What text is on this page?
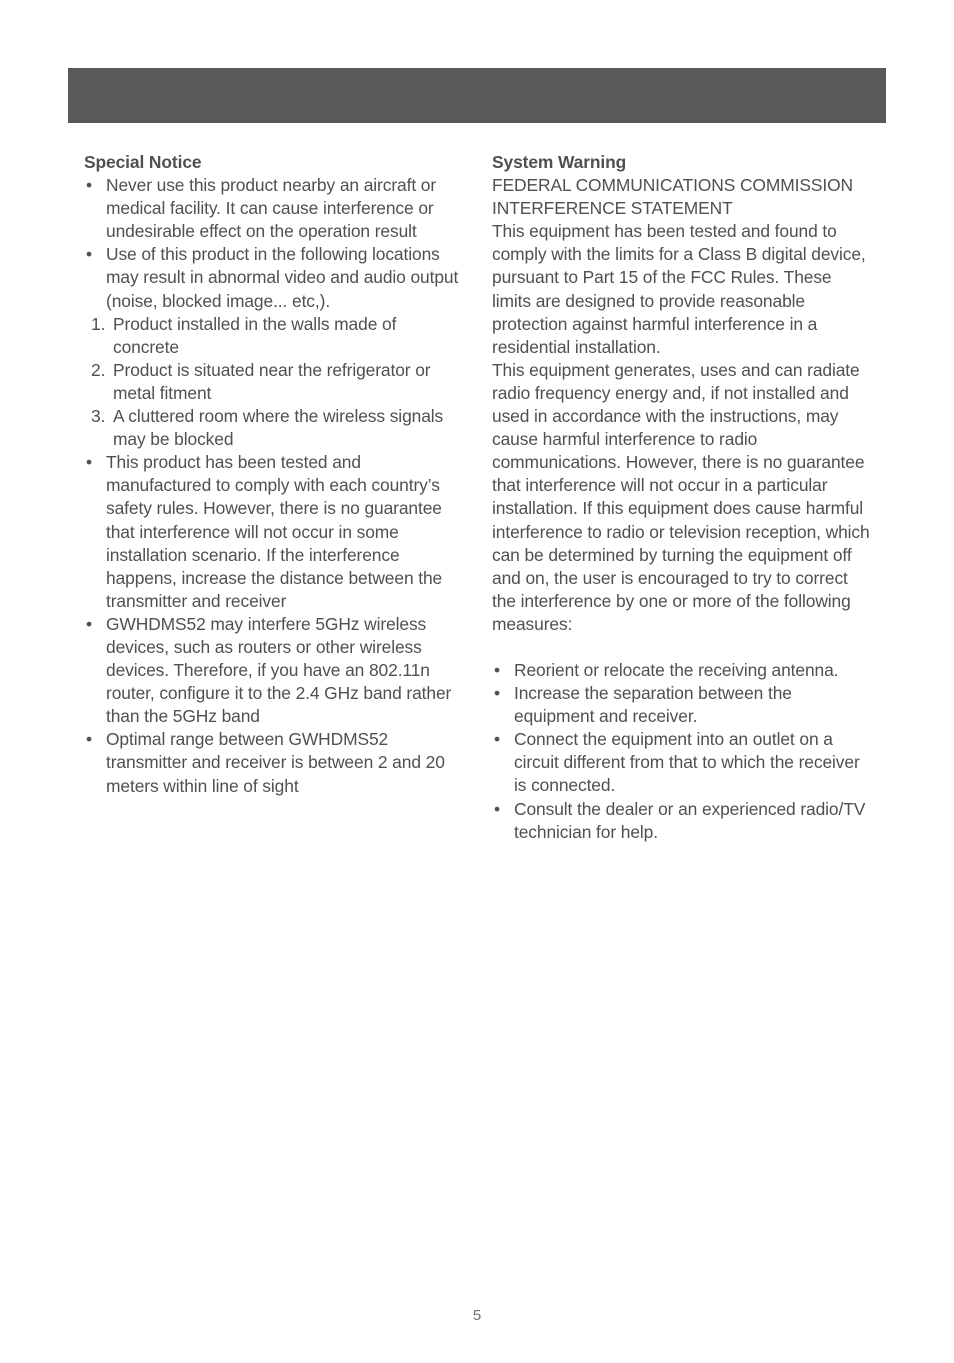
Special Notice
• Never use this product nearby an aircraft or medical facility. It can cause interference or undesirable effect on the operation result
• Use of this product in the following locations may result in abnormal video and audio output (noise, blocked image... etc,).
1. Product installed in the walls made of concrete
2. Product is situated near the refrigerator or metal fitment
3. A cluttered room where the wireless signals may be blocked
• This product has been tested and manufactured to comply with each country’s safety rules. However, there is no guarantee that interference will not occur in some installation scenario. If the interference happens, increase the distance between the transmitter and receiver
• GWHDMS52 may interfere 5GHz wireless devices, such as routers or other wireless devices. Therefore, if you have an 802.11n router, configure it to the 2.4 GHz band rather than the 5GHz band
• Optimal range between GWHDMS52 transmitter and receiver is between 2 and 20 meters within line of sight
System Warning
FEDERAL COMMUNICATIONS COMMISSION INTERFERENCE STATEMENT
This equipment has been tested and found to comply with the limits for a Class B digital device, pursuant to Part 15 of the FCC Rules. These limits are designed to provide reasonable protection against harmful interference in a residential installation.
This equipment generates, uses and can radiate radio frequency energy and, if not installed and used in accordance with the instructions, may cause harmful interference to radio communications. However, there is no guarantee that interference will not occur in a particular installation. If this equipment does cause harmful interference to radio or television reception, which can be determined by turning the equipment off and on, the user is encouraged to try to correct the interference by one or more of the following measures:
• Reorient or relocate the receiving antenna.
• Increase the separation between the equipment and receiver.
• Connect the equipment into an outlet on a circuit different from that to which the receiver is connected.
• Consult the dealer or an experienced radio/TV technician for help.
5
